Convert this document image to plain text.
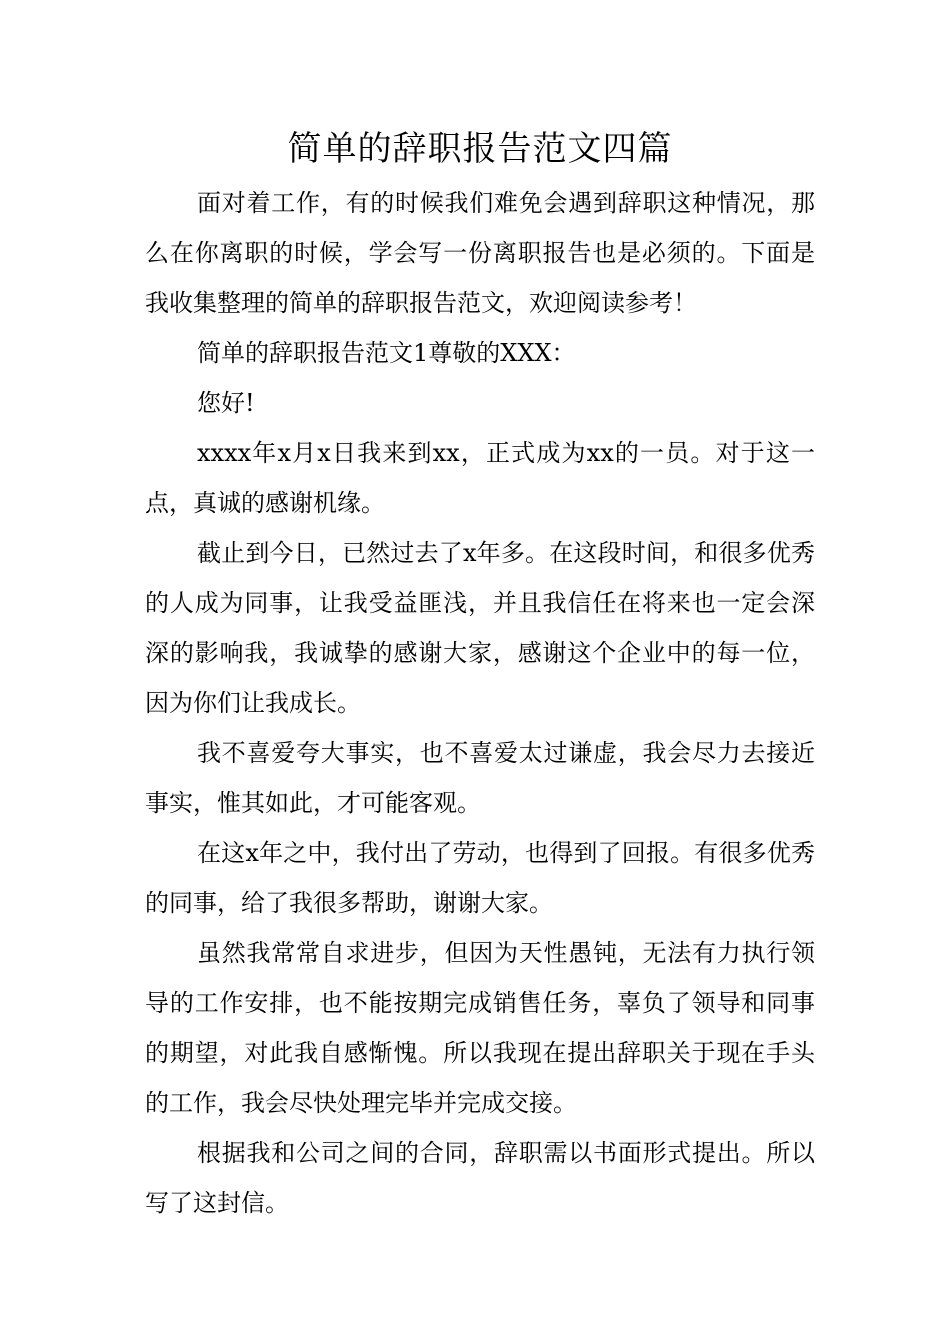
简单的辞职报告范文四篇

面对着工作，有的时候我们难免会遇到辞职这种情况，那么在你离职的时候，学会写一份离职报告也是必须的。下面是我收集整理的简单的辞职报告范文，欢迎阅读参考！

简单的辞职报告范文1尊敬的XXX：

您好!

xxxx年x月x日我来到xx，正式成为xx的一员。对于这一点，真诚的感谢机缘。

截止到今日，已然过去了x年多。在这段时间，和很多优秀的人成为同事，让我受益匪浅，并且我信任在将来也一定会深深的影响我，我诚挚的感谢大家，感谢这个企业中的每一位，因为你们让我成长。

我不喜爱夸大事实，也不喜爱太过谦虚，我会尽力去接近事实，惟其如此，才可能客观。

在这x年之中，我付出了劳动，也得到了回报。有很多优秀的同事，给了我很多帮助，谢谢大家。

虽然我常常自求进步，但因为天性愚钝，无法有力执行领导的工作安排，也不能按期完成销售任务，辜负了领导和同事的期望，对此我自感惭愧。所以我现在提出辞职关于现在手头的工作，我会尽快处理完毕并完成交接。

根据我和公司之间的合同，辞职需以书面形式提出。所以写了这封信。
